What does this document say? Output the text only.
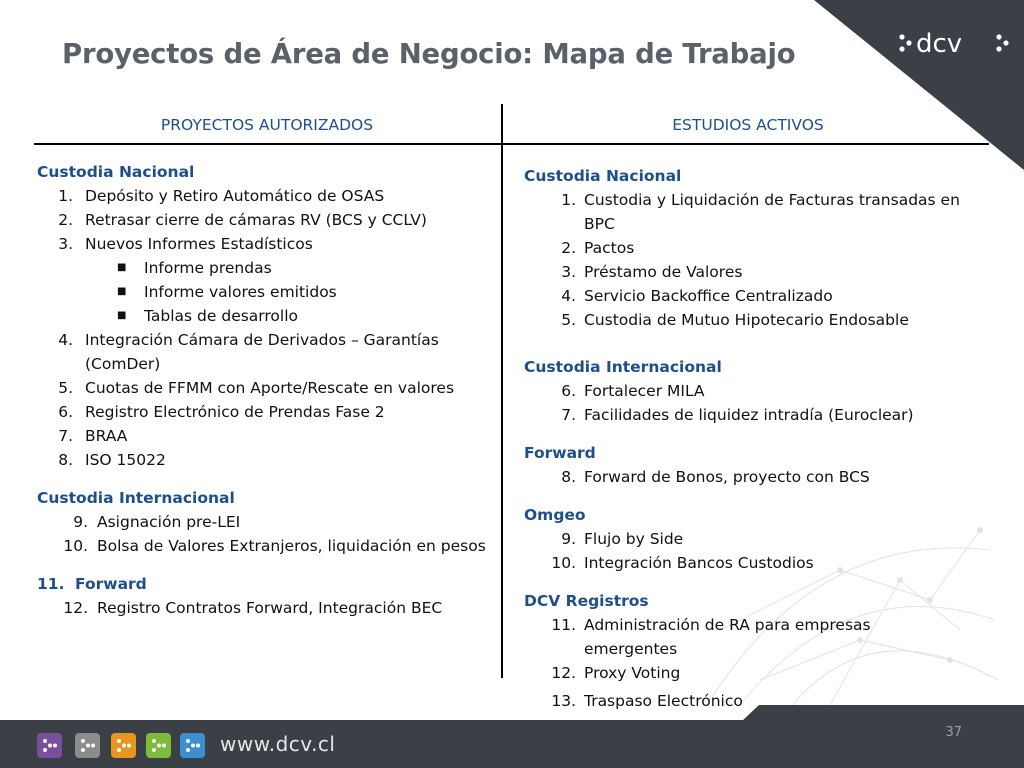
dcv
Proyectos de Área de Negocio: Mapa de Trabajo
PROYECTOS AUTORIZADOS	ESTUDIOS ACTIVOS
Custodia Nacional
1. Depósito y Retiro Automático de OSAS
2. Retrasar cierre de cámaras RV (BCS y CCLV)
3. Nuevos Informes Estadísticos
■	Informe prendas
■	Informe valores emitidos
■	Tablas de desarrollo
4. Integración Cámara de Derivados – Garantías (ComDer)
5. Cuotas de FFMM con Aporte/Rescate en valores
6. Registro Electrónico de Prendas Fase 2
7. BRAA
8. ISO 15022
Custodia Internacional
9. Asignación pre-LEI
10. Bolsa de Valores Extranjeros, liquidación en pesos
11. Forward
12. Registro Contratos Forward, Integración BEC
Custodia Nacional
1. Custodia y Liquidación de Facturas transadas en BPC
2. Pactos
3. Préstamo de Valores
4. Servicio Backoffice Centralizado
5. Custodia de Mutuo Hipotecario Endosable
Custodia Internacional
6. Fortalecer MILA
7. Facilidades de liquidez intradía (Euroclear)
Forward
8. Forward de Bonos, proyecto con BCS
Omgeo
9. Flujo by Side
10. Integración Bancos Custodios
DCV Registros
11. Administración de RA para empresas emergentes
12. Proxy Voting
13. Traspaso Electrónico
www.dcv.cl	37
